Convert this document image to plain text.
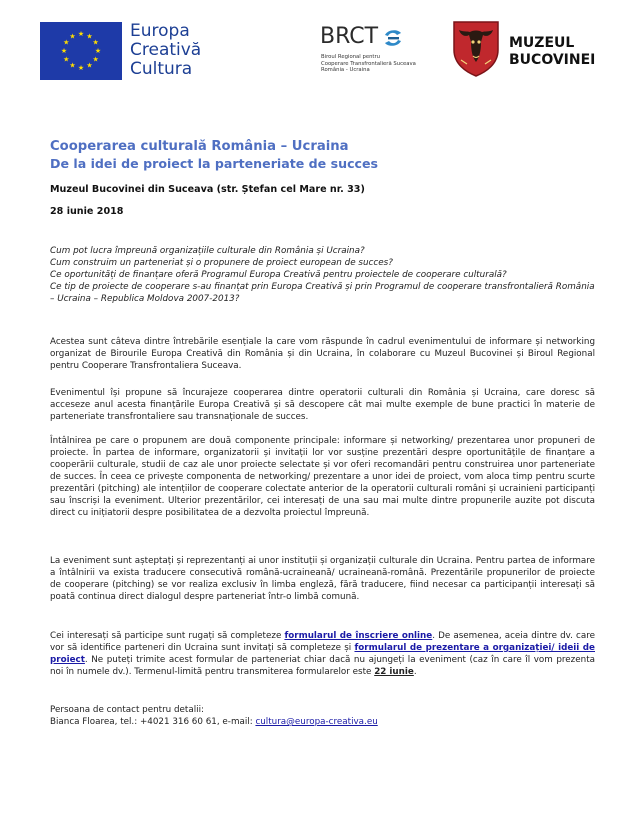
★ ★
★
★
★
★
★
★
★
★
★
★	Europa
Creativă
Cultura
BRCT
Biroul Regional pentru
Cooperare Transfrontalieră Suceava
România - Ucraina
MUZEUL
BUCOVINEI
Cooperarea culturală România – Ucraina
De la idei de proiect la parteneriate de succes
Muzeul Bucovinei din Suceava (str. Ștefan cel Mare nr. 33)
28 iunie 2018
Cum pot lucra împreună organizațiile culturale din România și Ucraina?
Cum construim un parteneriat și o propunere de proiect european de succes?
Ce oportunități de finanțare oferă Programul Europa Creativă pentru proiectele de cooperare culturală?
Ce tip de proiecte de cooperare s-au finanțat prin Europa Creativă și prin Programul de cooperare transfrontalieră România – Ucraina – Republica Moldova 2007-2013?
Acestea sunt câteva dintre întrebările esențiale la care vom răspunde în cadrul evenimentului de informare și networking organizat de Birourile Europa Creativă din România și din Ucraina, în colaborare cu Muzeul Bucovinei și Biroul Regional pentru Cooperare Transfrontaliera Suceava.
Evenimentul își propune să încurajeze cooperarea dintre operatorii culturali din România și Ucraina, care doresc să acceseze anul acesta finanțările Europa Creativă și să descopere cât mai multe exemple de bune practici în materie de parteneriate transfrontaliere sau transnaționale de succes.
Întâlnirea pe care o propunem are două componente principale: informare și networking/ prezentarea unor propuneri de proiecte. În partea de informare, organizatorii și invitații lor vor susține prezentări despre oportunitățile de finanțare a cooperării culturale, studii de caz ale unor proiecte selectate și vor oferi recomandări pentru construirea unor parteneriate de succes. În ceea ce privește componenta de networking/ prezentare a unor idei de proiect, vom aloca timp pentru scurte prezentări (pitching) ale intențiilor de cooperare colectate anterior de la operatorii culturali români și ucrainieni participanți sau înscriși la eveniment. Ulterior prezentărilor, cei interesați de una sau mai multe dintre propunerile auzite pot discuta direct cu inițiatorii despre posibilitatea de a dezvolta proiectul împreună.
La eveniment sunt așteptați și reprezentanți ai unor instituții și organizații culturale din Ucraina. Pentru partea de informare a întâlnirii va exista traducere consecutivă română-ucraineană/ ucraineană-română. Prezentările propunerilor de proiecte de cooperare (pitching) se vor realiza exclusiv în limba engleză, fără traducere, fiind necesar ca participanții interesați să poată continua direct dialogul despre parteneriat într-o limbă comună.
Cei interesați să participe sunt rugați să completeze formularul de înscriere online. De asemenea, aceia dintre dv. care vor să identifice parteneri din Ucraina sunt invitați să completeze și formularul de prezentare a organizației/ ideii de proiect. Ne puteți trimite acest formular de parteneriat chiar dacă nu ajungeți la eveniment (caz în care îl vom prezenta noi în numele dv.). Termenul-limită pentru transmiterea formularelor este 22 iunie.
Persoana de contact pentru detalii:
Bianca Floarea, tel.: +4021 316 60 61, e-mail: cultura@europa-creativa.eu
